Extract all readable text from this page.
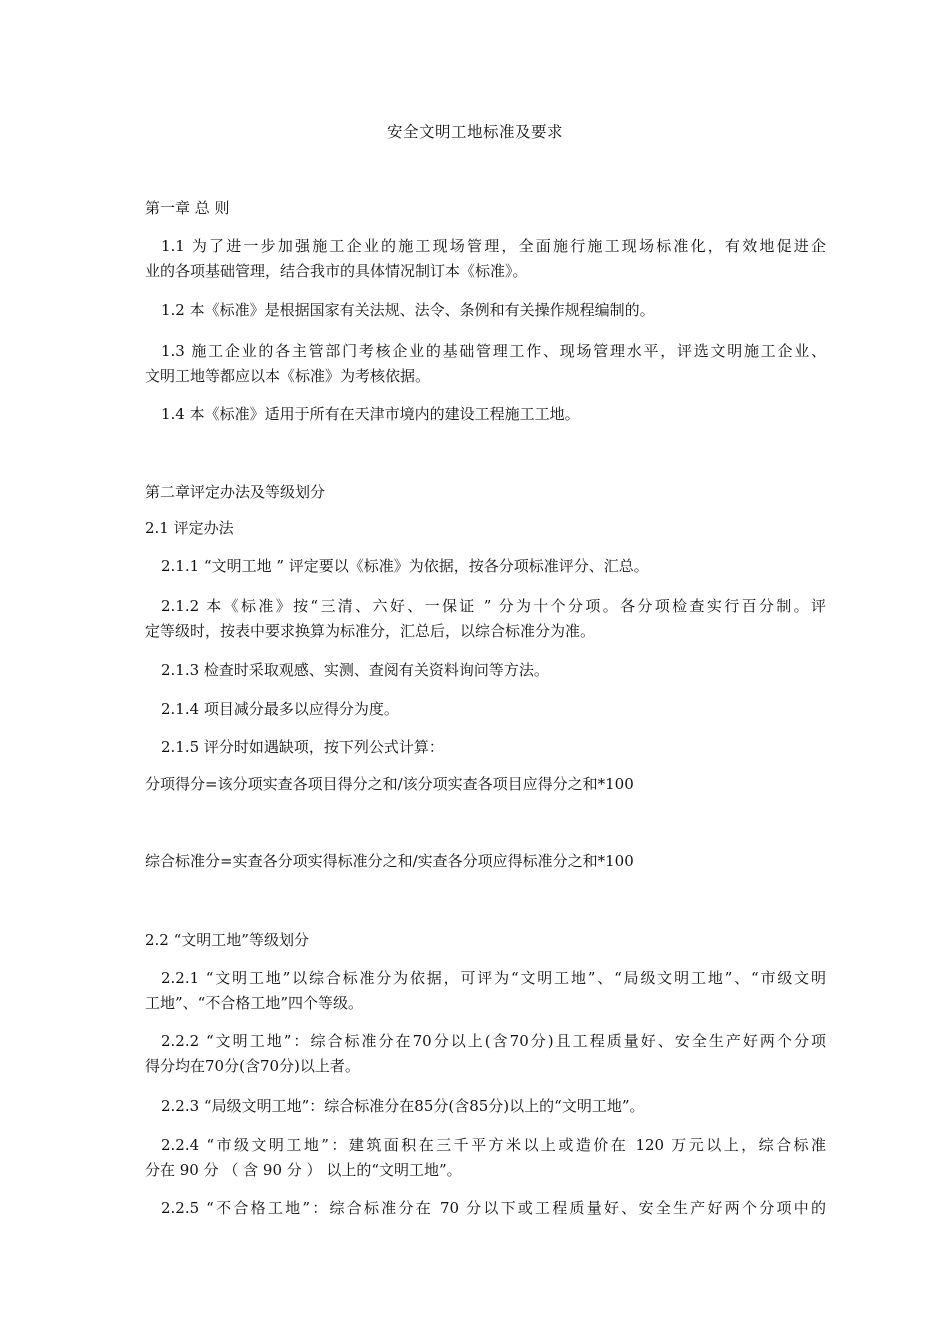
安全文明工地标准及要求
第一章 总 则
1.1 为了进一步加强施工企业的施工现场管理，全面施行施工现场标准化，有效地促进企
业的各项基础管理，结合我市的具体情况制订本《标准》。
1.2 本《标准》是根据国家有关法规、法令、条例和有关操作规程编制的。
1.3 施工企业的各主管部门考核企业的基础管理工作、现场管理水平，评选文明施工企业、
文明工地等都应以本《标准》为考核依据。
1.4 本《标准》适用于所有在天津市境内的建设工程施工工地。
第二章评定办法及等级划分
2.1 评定办法
2.1.1 “文明工地 ” 评定要以《标准》为依据，按各分项标准评分、汇总。
2.1.2 本《标准》按“三清、六好、一保证 ” 分为十个分项。各分项检查实行百分制。评
定等级时，按表中要求换算为标准分，汇总后，以综合标准分为准。
2.1.3 检查时采取观感、实测、查阅有关资料询问等方法。
2.1.4 项目减分最多以应得分为度。
2.1.5 评分时如遇缺项，按下列公式计算：
分项得分=该分项实查各项目得分之和/该分项实查各项目应得分之和*100
综合标准分=实查各分项实得标准分之和/实查各分项应得标准分之和*100
2.2 “文明工地”等级划分
2.2.1 “文明工地”以综合标准分为依据，可评为“文明工地”、“局级文明工地”、“市级文明
工地”、“不合格工地”四个等级。
2.2.2 “文明工地”：综合标准分在70分以上(含70分)且工程质量好、安全生产好两个分项
得分均在70分(含70分)以上者。
2.2.3 “局级文明工地”：综合标准分在85分(含85分)以上的“文明工地”。
2.2.4 “市级文明工地”：建筑面积在三千平方米以上或造价在 120 万元以上，综合标准
分在 90 分 （ 含 90 分 ） 以上的“文明工地”。
2.2.5 “不合格工地”：综合标准分在 70 分以下或工程质量好、安全生产好两个分项中的
